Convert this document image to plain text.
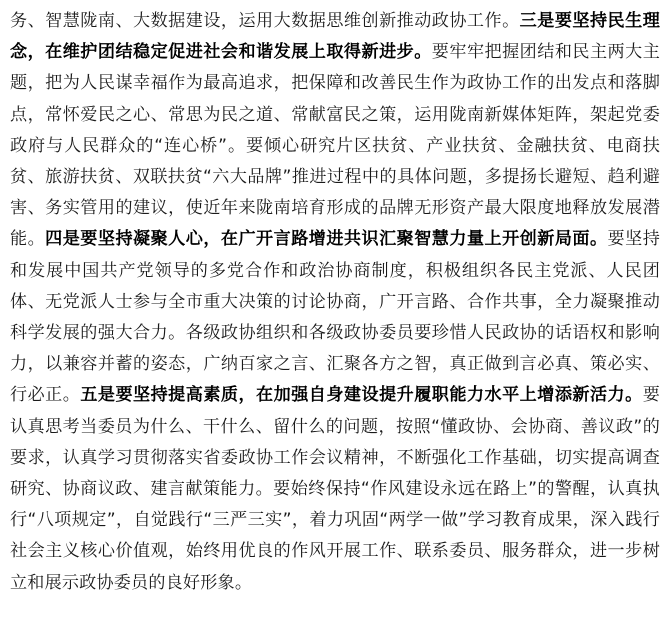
务、智慧陇南、大数据建设，运用大数据思维创新推动政协工作。三是要坚持民生理念，在维护团结稳定促进社会和谐发展上取得新进步。要牢牢把握团结和民主两大主题，把为人民谋幸福作为最高追求，把保障和改善民生作为政协工作的出发点和落脚点，常怀爱民之心、常思为民之道、常献富民之策，运用陇南新媒体矩阵，架起党委政府与人民群众的“连心桥”。要倾心研究片区扶贫、产业扶贫、金融扶贫、电商扶贫、旅游扶贫、双联扶贫“六大品牌”推进过程中的具体问题，多提扬长避短、趋利避害、务实管用的建议，使近年来陇南培育形成的品牌无形资产最大限度地释放发展潜能。四是要坚持凝聚人心，在广开言路增进共识汇聚智慧力量上开创新局面。要坚持和发展中国共产党领导的多党合作和政治协商制度，积极组织各民主党派、人民团体、无党派人士参与全市重大决策的讨论协商，广开言路、合作共事，全力凝聚推动科学发展的强大合力。各级政协组织和各级政协委员要珍惜人民政协的话语权和影响力，以兼容并蓄的姿态，广纳百家之言、汇聚各方之智，真正做到言必真、策必实、行必正。五是要坚持提高素质，在加强自身建设提升履职能力水平上增添新活力。要认真思考当委员为什么、干什么、留什么的问题，按照“懂政协、会协商、善议政”的要求，认真学习贯彻落实省委政协工作会议精神，不断强化工作基础，切实提高调查研究、协商议政、建言献策能力。要始终保持“作风建设永远在路上”的警醒，认真执行“八项规定”，自觉践行“三严三实”，着力巩固“两学一做”学习教育成果，深入践行社会主义核心价值观，始终用优良的作风开展工作、联系委员、服务群众，进一步树立和展示政协委员的良好形象。
